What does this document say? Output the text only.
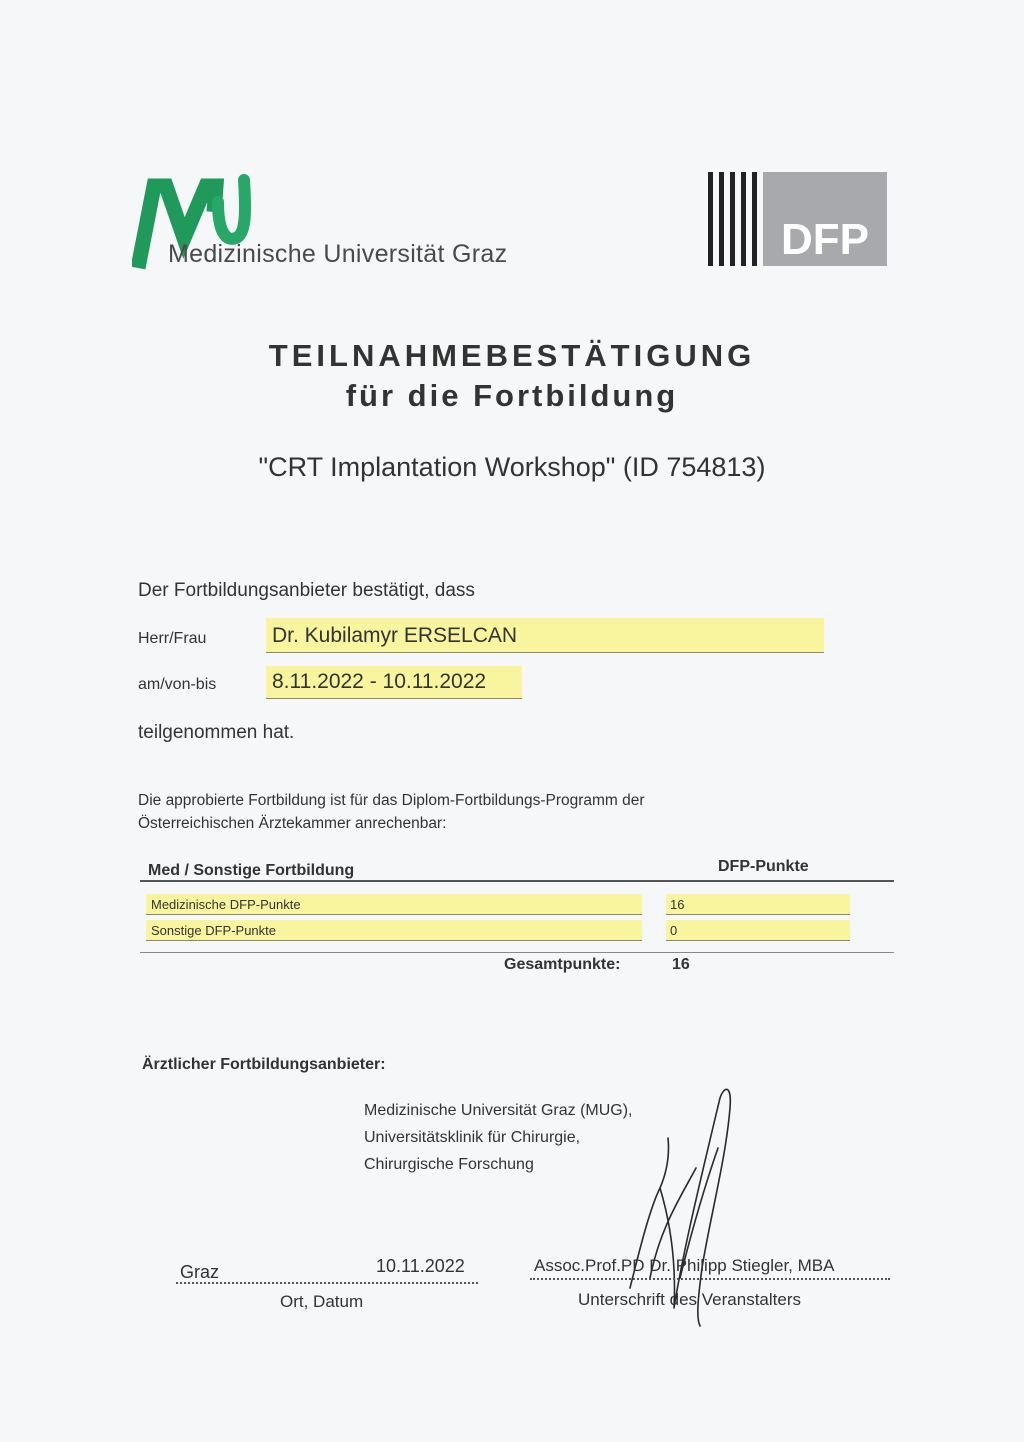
Medizinische Universität Graz	DFP
TEILNAHMEBESTÄTIGUNG
für die Fortbildung
"CRT Implantation Workshop" (ID 754813)
Der Fortbildungsanbieter bestätigt, dass
Herr/Frau	Dr. Kubilamyr ERSELCAN
am/von-bis	8.11.2022 - 10.11.2022
teilgenommen hat.
Die approbierte Fortbildung ist für das Diplom-Fortbildungs-Programm der
Österreichischen Ärztekammer anrechenbar:
Med / Sonstige Fortbildung	DFP-Punkte
Medizinische DFP-Punkte	16
Sonstige DFP-Punkte	0
Gesamtpunkte:	16
Ärztlicher Fortbildungsanbieter:
Medizinische Universität Graz (MUG),
Universitätsklinik für Chirurgie,
Chirurgische Forschung
Graz	10.11.2022
Ort, Datum
Assoc.Prof.PD Dr. Philipp Stiegler, MBA
Unterschrift des Veranstalters
